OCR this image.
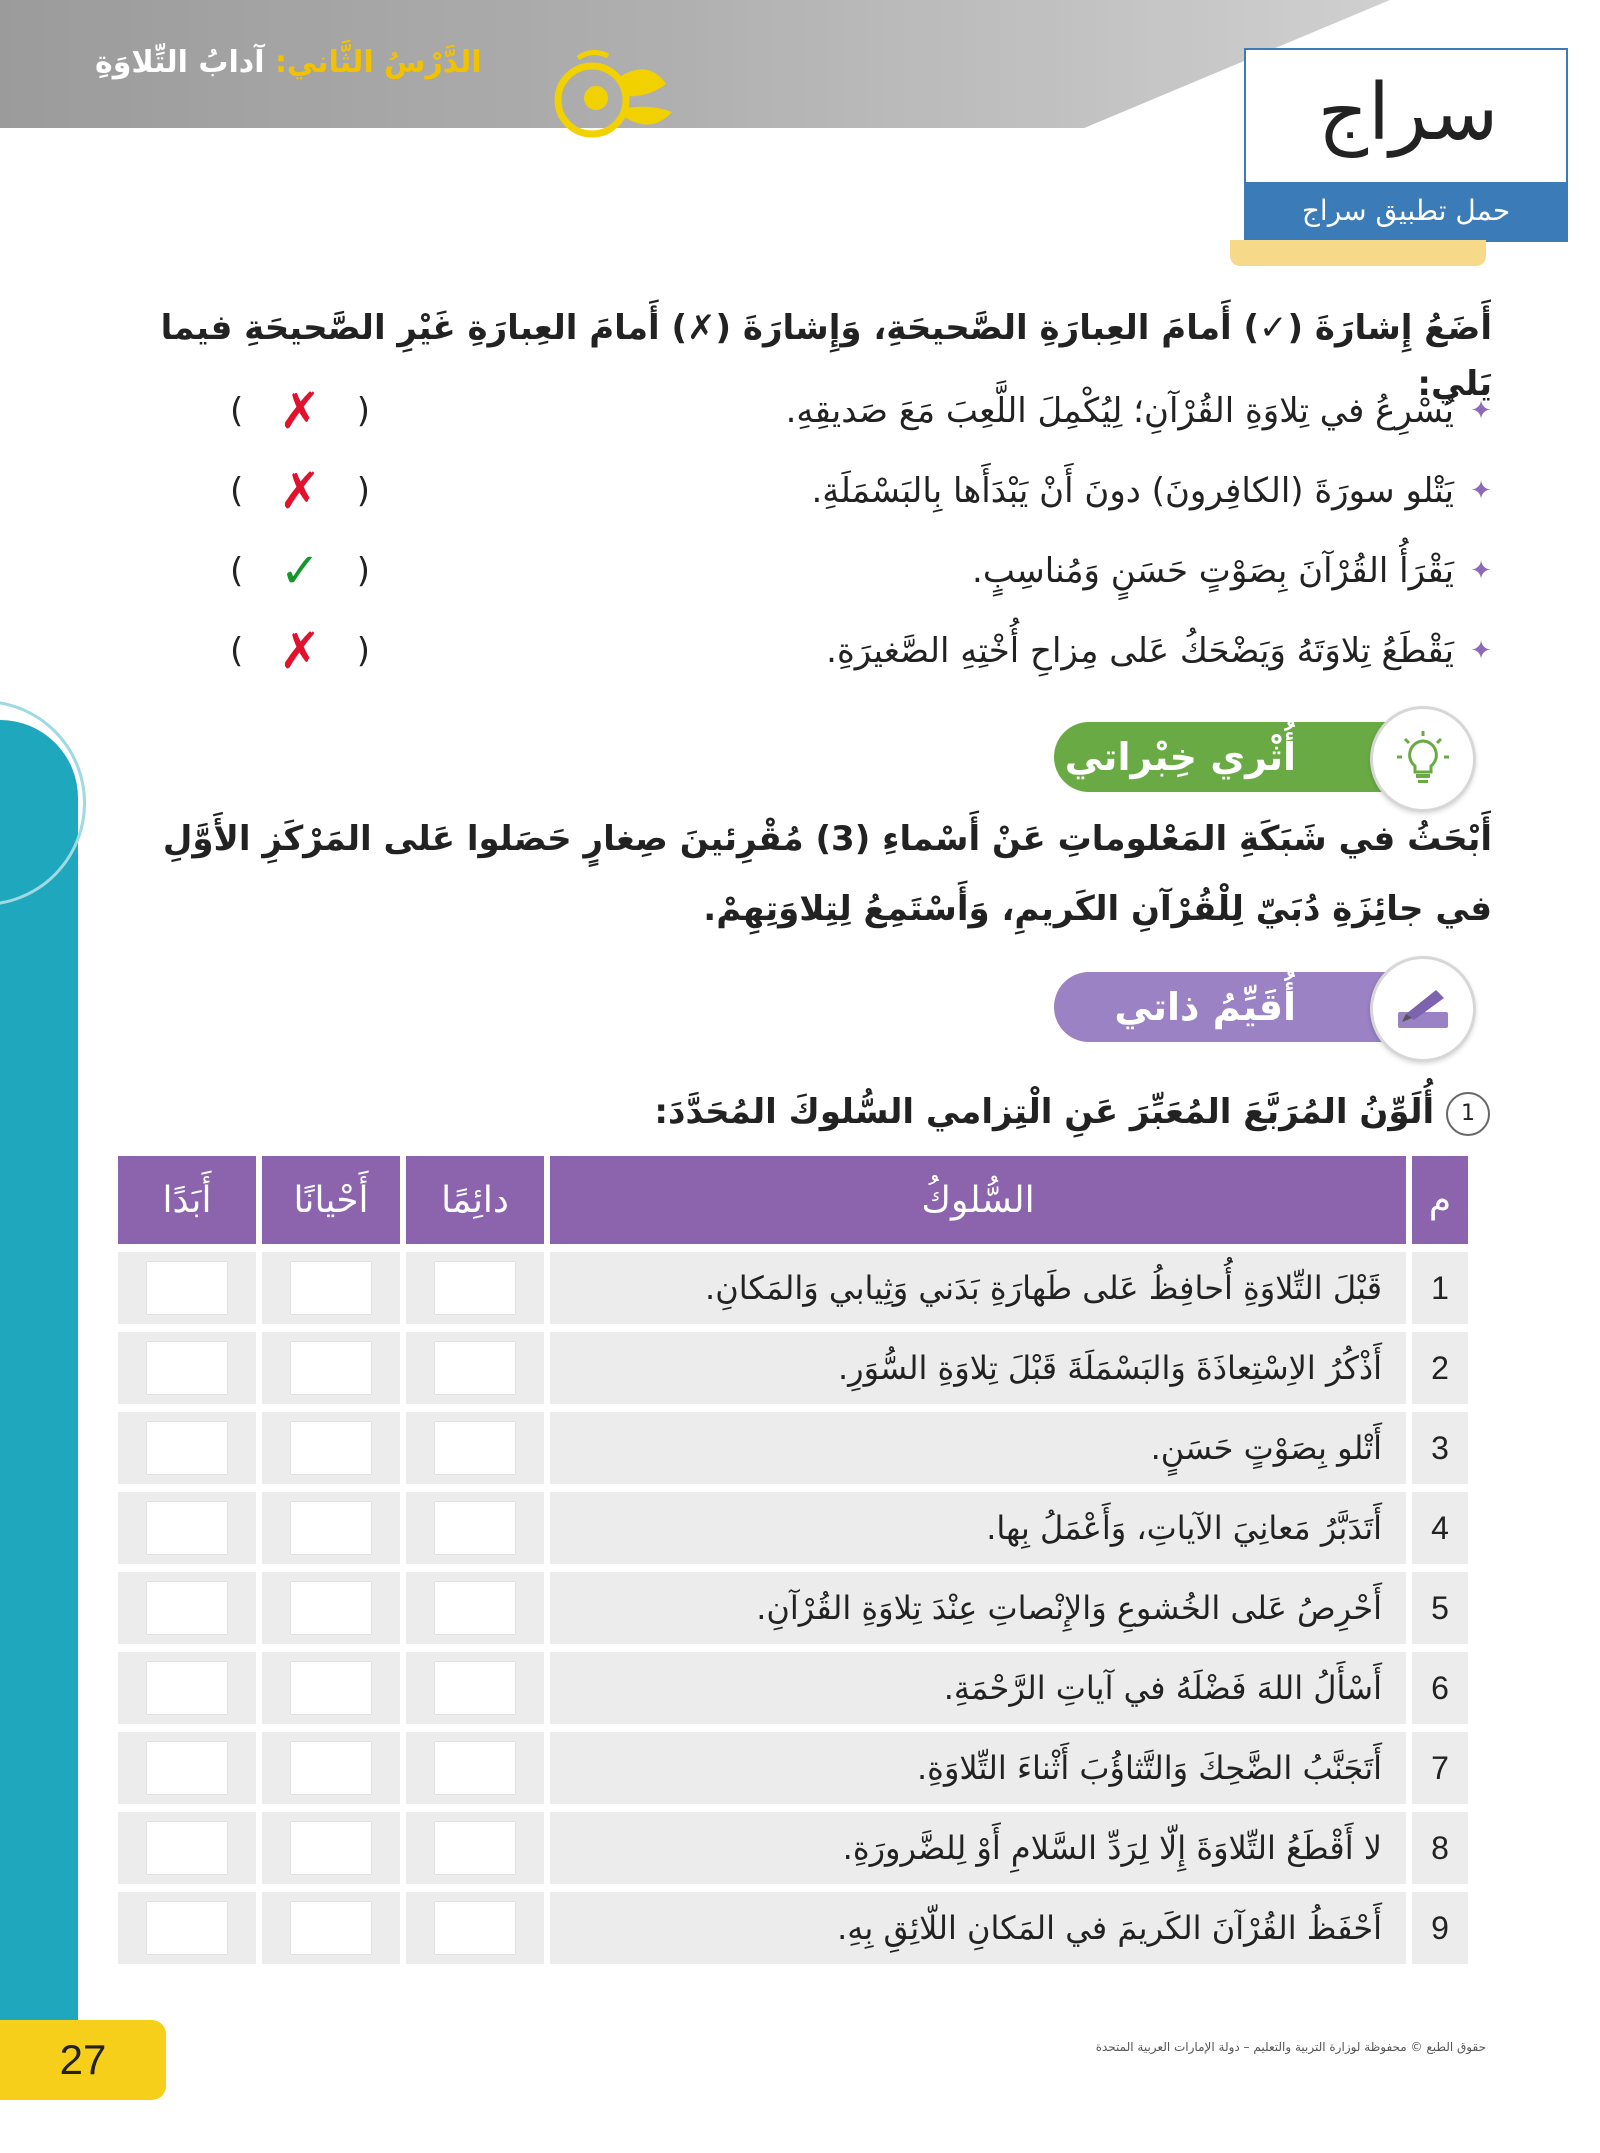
الدَّرْسُ الثَّاني: آدابُ التِّلاوَةِ
سراج
حمل تطبيق سراج
أَضَعُ إِشارَةَ (✓) أَمامَ العِبارَةِ الصَّحيحَةِ، وَإِشارَةَ (✗) أَمامَ العِبارَةِ غَيْرِ الصَّحيحَةِ فيما يَلي:
✦
يُسْرِعُ في تِلاوَةِ القُرْآنِ؛ لِيُكْمِلَ اللَّعِبَ مَعَ صَديقِهِ.
( ✗ )
✦
يَتْلو سورَةَ (الكافِرونَ) دونَ أَنْ يَبْدَأَها بِالبَسْمَلَةِ.
( ✗ )
✦
يَقْرَأُ القُرْآنَ بِصَوْتٍ حَسَنٍ وَمُناسِبٍ.
( ✓ )
✦
يَقْطَعُ تِلاوَتَهُ وَيَضْحَكُ عَلى مِزاحِ أُخْتِهِ الصَّغيرَةِ.
( ✗ )
أُثْري خِبْراتي
أَبْحَثُ في شَبَكَةِ المَعْلوماتِ عَنْ أَسْماءِ (3) مُقْرِئينَ صِغارٍ حَصَلوا عَلى المَرْكَزِ الأَوَّلِ في جائِزَةِ دُبَيّ لِلْقُرْآنِ الكَريمِ، وَأَسْتَمِعُ لِتِلاوَتِهِمْ.
أُقَيِّمُ ذاتي
1 أُلَوِّنُ المُرَبَّعَ المُعَبِّرَ عَنِ الْتِزامي السُّلوكَ المُحَدَّدَ:
م	السُّلوكُ	دائِمًا	أَحْيانًا	أَبَدًا
1	قَبْلَ التِّلاوَةِ أُحافِظُ عَلى طَهارَةِ بَدَني وَثِيابي وَالمَكانِ.	

2	أَذْكُرُ الاِسْتِعاذَةَ وَالبَسْمَلَةَ قَبْلَ تِلاوَةِ السُّوَرِ.	

3	أَتْلو بِصَوْتٍ حَسَنٍ.	

4	أَتَدَبَّرُ مَعانِيَ الآياتِ، وَأَعْمَلُ بِها.	

5	أَحْرِصُ عَلى الخُشوعِ وَالإِنْصاتِ عِنْدَ تِلاوَةِ القُرْآنِ.	

6	أَسْأَلُ اللهَ فَضْلَهُ في آياتِ الرَّحْمَةِ.	

7	أَتَجَنَّبُ الضَّحِكَ وَالتَّثاؤُبَ أَثْناءَ التِّلاوَةِ.	

8	لا أَقْطَعُ التِّلاوَةَ إِلّا لِرَدِّ السَّلامِ أَوْ لِلضَّرورَةِ.	

9	أَحْفَظُ القُرْآنَ الكَريمَ في المَكانِ اللّائِقِ بِهِ.	

27	حقوق الطبع © محفوظة لوزارة التربية والتعليم – دولة الإمارات العربية المتحدة
